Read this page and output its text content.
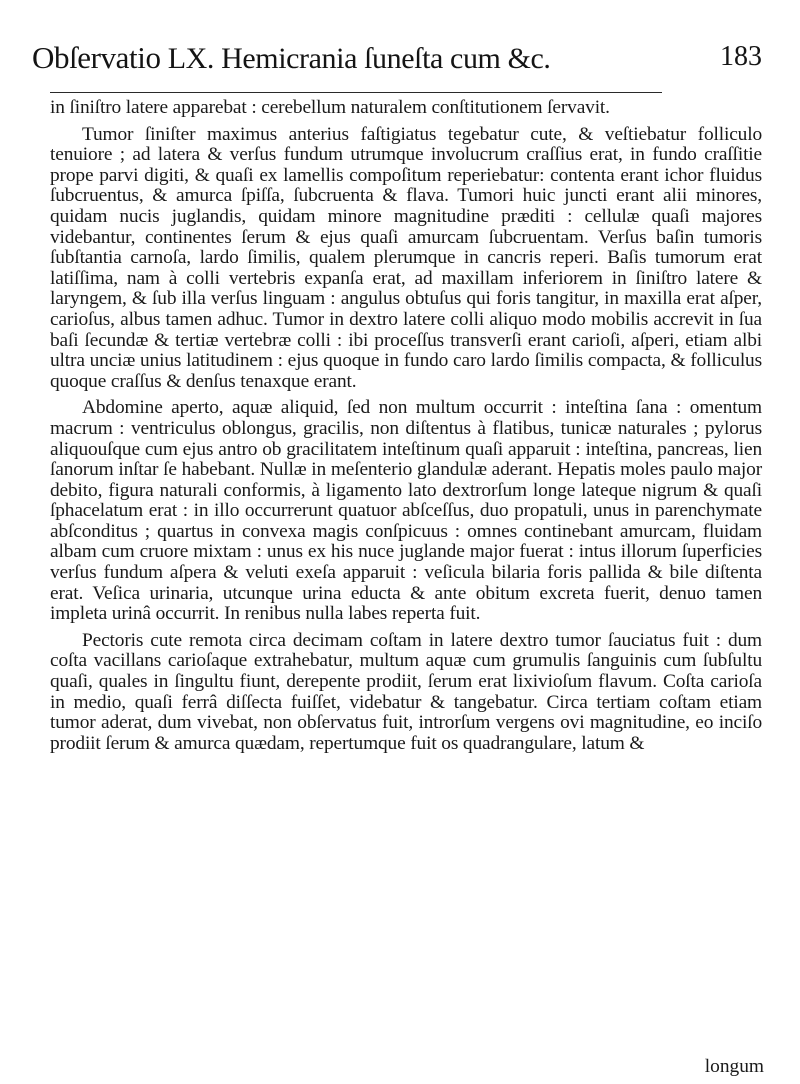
Obſervatio LX. Hemicrania ſuneſta cum &c.	183

in ſiniſtro latere apparebat : cerebellum naturalem conſtitutionem ſervavit.

Tumor ſiniſter maximus anterius faſtigiatus tegebatur cute, & veſtiebatur folliculo tenuiore ; ad latera & verſus fundum utrumque involucrum craſſius erat, in fundo craſſitie prope parvi digiti, & quaſi ex lamellis compoſitum reperiebatur: contenta erant ichor fluidus ſubcruentus, & amurca ſpiſſa, ſubcruenta & flava. Tumori huic juncti erant alii minores, quidam nucis juglandis, quidam minore magnitudine præditi : cellulæ quaſi majores videbantur, continentes ſerum & ejus quaſi amurcam ſubcruentam. Verſus baſin tumoris ſubſtantia carnoſa, lardo ſimilis, qualem plerumque in cancris reperi. Baſis tumorum erat latiſſima, nam à colli vertebris expanſa erat, ad maxillam inferiorem in ſiniſtro latere & laryngem, & ſub illa verſus linguam : angulus obtuſus qui foris tangitur, in maxilla erat aſper, carioſus, albus tamen adhuc. Tumor in dextro latere colli aliquo modo mobilis accrevit in ſua baſi ſecundæ & tertiæ vertebræ colli : ibi proceſſus transverſi erant carioſi, aſperi, etiam albi ultra unciæ unius latitudinem : ejus quoque in fundo caro lardo ſimilis compacta, & folliculus quoque craſſus & denſus tenaxque erant.

Abdomine aperto, aquæ aliquid, ſed non multum occurrit : inteſtina ſana : omentum macrum : ventriculus oblongus, gracilis, non diſtentus à flatibus, tunicæ naturales ; pylorus aliquouſque cum ejus antro ob gracilitatem inteſtinum quaſi apparuit : inteſtina, pancreas, lien ſanorum inſtar ſe habebant. Nullæ in meſenterio glandulæ aderant. Hepatis moles paulo major debito, figura naturali conformis, à ligamento lato dextrorſum longe lateque nigrum & quaſi ſphacelatum erat : in illo occurrerunt quatuor abſceſſus, duo propatuli, unus in parenchymate abſconditus ; quartus in convexa magis conſpicuus : omnes continebant amurcam, fluidam albam cum cruore mixtam : unus ex his nuce juglande major fuerat : intus illorum ſuperficies verſus fundum aſpera & veluti exeſa apparuit : veſicula bilaria foris pallida & bile diſtenta erat. Veſica urinaria, utcunque urina educta & ante obitum excreta fuerit, denuo tamen impleta urinâ occurrit. In renibus nulla labes reperta fuit.

Pectoris cute remota circa decimam coſtam in latere dextro tumor ſauciatus fuit : dum coſta vacillans carioſaque extrahebatur, multum aquæ cum grumulis ſanguinis cum ſubſultu quaſi, quales in ſingultu fiunt, derepente prodiit, ſerum erat lixivioſum flavum. Coſta carioſa in medio, quaſi ferrâ diſſecta fuiſſet, videbatur & tangebatur. Circa tertiam coſtam etiam tumor aderat, dum vivebat, non obſervatus fuit, introrſum vergens ovi magnitudine, eo inciſo prodiit ſerum & amurca quædam, repertumque fuit os quadrangulare, latum &

longum
